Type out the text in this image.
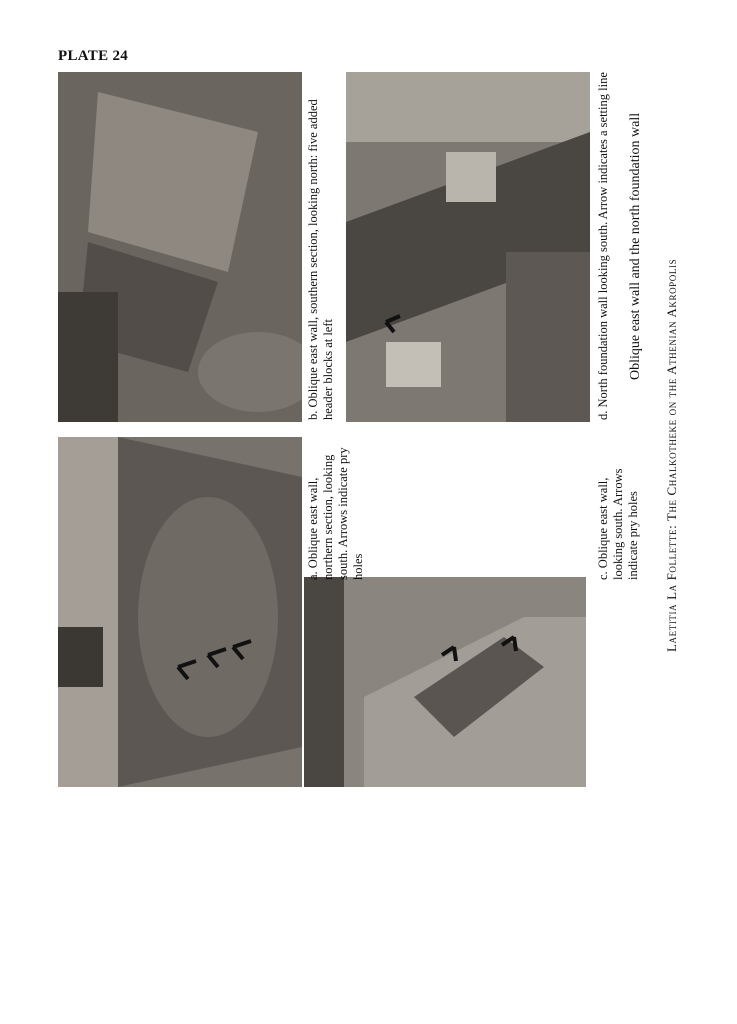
PLATE 24
a. Oblique east wall, northern section, looking south. Arrows indicate pry holes
b. Oblique east wall, southern section, looking north: five added header blocks at left
c. Oblique east wall, looking south. Arrows indicate pry holes
d. North foundation wall looking south. Arrow indicates a setting line Oblique east wall and the north foundation wall
Laetitia La Follette: The Chalkotheke on the Athenian Akropolis
